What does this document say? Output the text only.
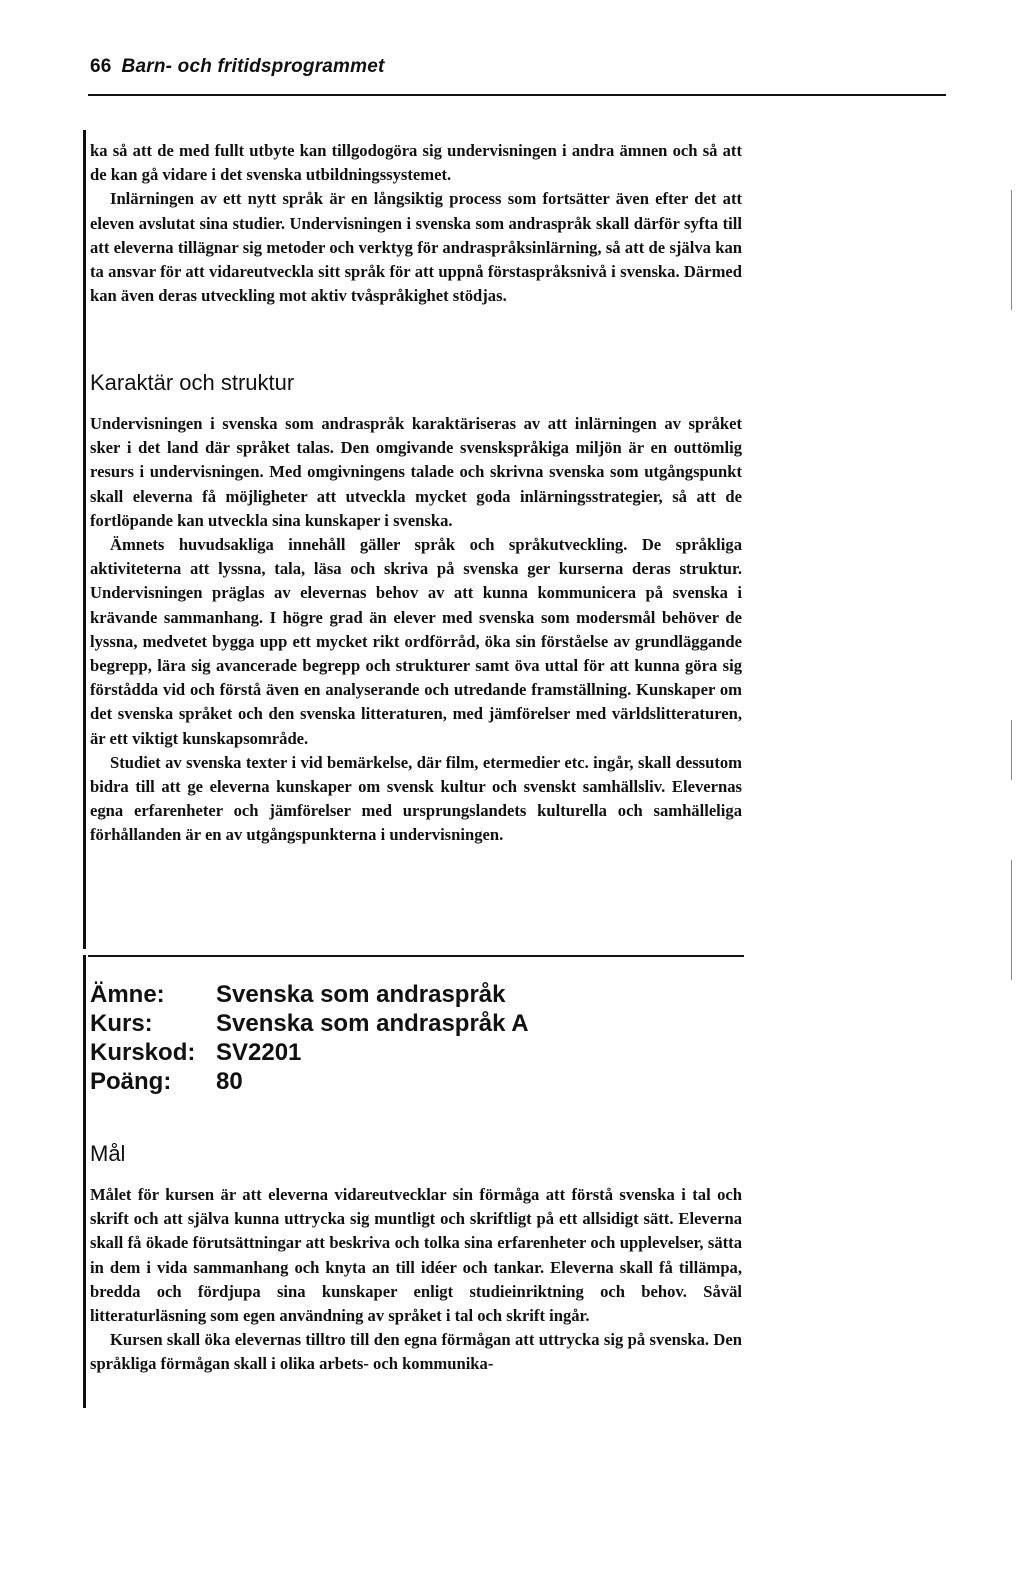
66 Barn- och fritidsprogrammet

ka så att de med fullt utbyte kan tillgodogöra sig undervisningen i andra ämnen och så att de kan gå vidare i det svenska utbildningssystemet.

Inlärningen av ett nytt språk är en långsiktig process som fortsätter även efter det att eleven avslutat sina studier. Undervisningen i svenska som andraspråk skall därför syfta till att eleverna tillägnar sig metoder och verktyg för andraspråksinlärning, så att de själva kan ta ansvar för att vidareutveckla sitt språk för att uppnå förstaspråksnivå i svenska. Därmed kan även deras utveckling mot aktiv tvåspråkighet stödjas.

Karaktär och struktur

Undervisningen i svenska som andraspråk karaktäriseras av att inlärningen av språket sker i det land där språket talas. Den omgivande svenskspråkiga miljön är en outtömlig resurs i undervisningen. Med omgivningens talade och skrivna svenska som utgångspunkt skall eleverna få möjligheter att utveckla mycket goda inlärningsstrategier, så att de fortlöpande kan utveckla sina kunskaper i svenska.

Ämnets huvudsakliga innehåll gäller språk och språkutveckling. De språkliga aktiviteterna att lyssna, tala, läsa och skriva på svenska ger kurserna deras struktur. Undervisningen präglas av elevernas behov av att kunna kommunicera på svenska i krävande sammanhang. I högre grad än elever med svenska som modersmål behöver de lyssna, medvetet bygga upp ett mycket rikt ordförråd, öka sin förståelse av grundläggande begrepp, lära sig avancerade begrepp och strukturer samt öva uttal för att kunna göra sig förstådda vid och förstå även en analyserande och utredande framställning. Kunskaper om det svenska språket och den svenska litteraturen, med jämförelser med världslitteraturen, är ett viktigt kunskapsområde.

Studiet av svenska texter i vid bemärkelse, där film, etermedier etc. ingår, skall dessutom bidra till att ge eleverna kunskaper om svensk kultur och svenskt samhällsliv. Elevernas egna erfarenheter och jämförelser med ursprungslandets kulturella och samhälleliga förhållanden är en av utgångspunkterna i undervisningen.

Ämne:	Svenska som andraspråk
Kurs:	Svenska som andraspråk A
Kurskod: SV2201
Poäng:	80
Mål

Målet för kursen är att eleverna vidareutvecklar sin förmåga att förstå svenska i tal och skrift och att själva kunna uttrycka sig muntligt och skriftligt på ett allsidigt sätt. Eleverna skall få ökade förutsättningar att beskriva och tolka sina erfarenheter och upplevelser, sätta in dem i vida sammanhang och knyta an till idéer och tankar. Eleverna skall få tillämpa, bredda och fördjupa sina kunskaper enligt studieinriktning och behov. Såväl litteraturläsning som egen användning av språket i tal och skrift ingår.

Kursen skall öka elevernas tilltro till den egna förmågan att uttrycka sig på svenska. Den språkliga förmågan skall i olika arbets- och kommunika-
